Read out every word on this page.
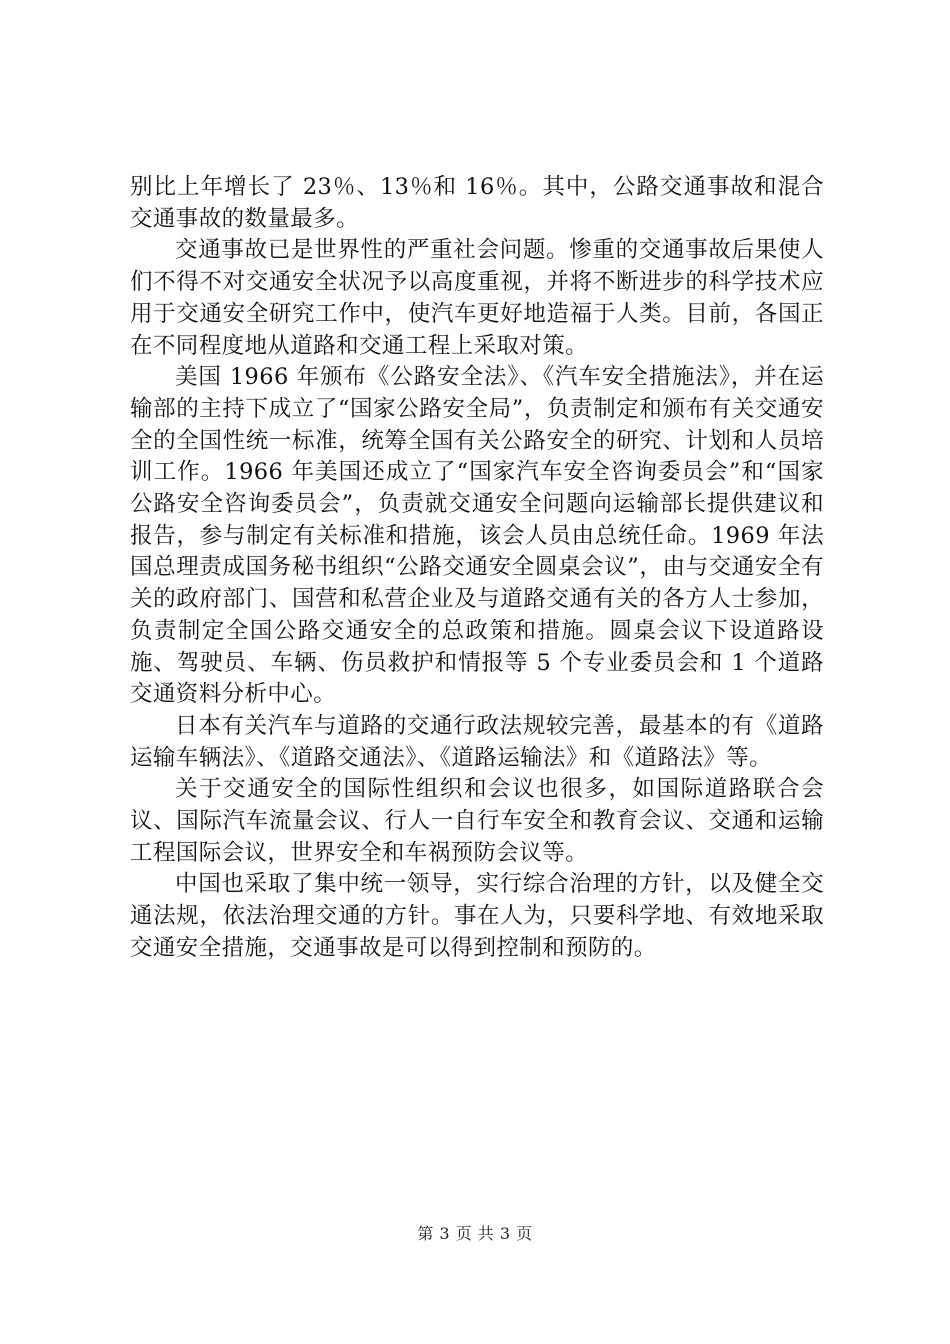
别比上年增长了 23％、13％和 16％。其中，公路交通事故和混合交通事故的数量最多。

交通事故已是世界性的严重社会问题。惨重的交通事故后果使人们不得不对交通安全状况予以高度重视，并将不断进步的科学技术应用于交通安全研究工作中，使汽车更好地造福于人类。目前，各国正在不同程度地从道路和交通工程上采取对策。

美国 1966 年颁布《公路安全法》、《汽车安全措施法》，并在运输部的主持下成立了“国家公路安全局”，负责制定和颁布有关交通安全的全国性统一标准，统筹全国有关公路安全的研究、计划和人员培训工作。1966 年美国还成立了“国家汽车安全咨询委员会”和“国家公路安全咨询委员会”，负责就交通安全问题向运输部长提供建议和报告，参与制定有关标准和措施，该会人员由总统任命。1969 年法国总理责成国务秘书组织“公路交通安全圆桌会议”，由与交通安全有关的政府部门、国营和私营企业及与道路交通有关的各方人士参加，负责制定全国公路交通安全的总政策和措施。圆桌会议下设道路设施、驾驶员、车辆、伤员救护和情报等 5 个专业委员会和 1 个道路交通资料分析中心。

日本有关汽车与道路的交通行政法规较完善，最基本的有《道路运输车辆法》、《道路交通法》、《道路运输法》和《道路法》等。

关于交通安全的国际性组织和会议也很多，如国际道路联合会议、国际汽车流量会议、行人一自行车安全和教育会议、交通和运输工程国际会议，世界安全和车祸预防会议等。

中国也采取了集中统一领导，实行综合治理的方针，以及健全交通法规，依法治理交通的方针。事在人为，只要科学地、有效地采取交通安全措施，交通事故是可以得到控制和预防的。

第 3 页 共 3 页
